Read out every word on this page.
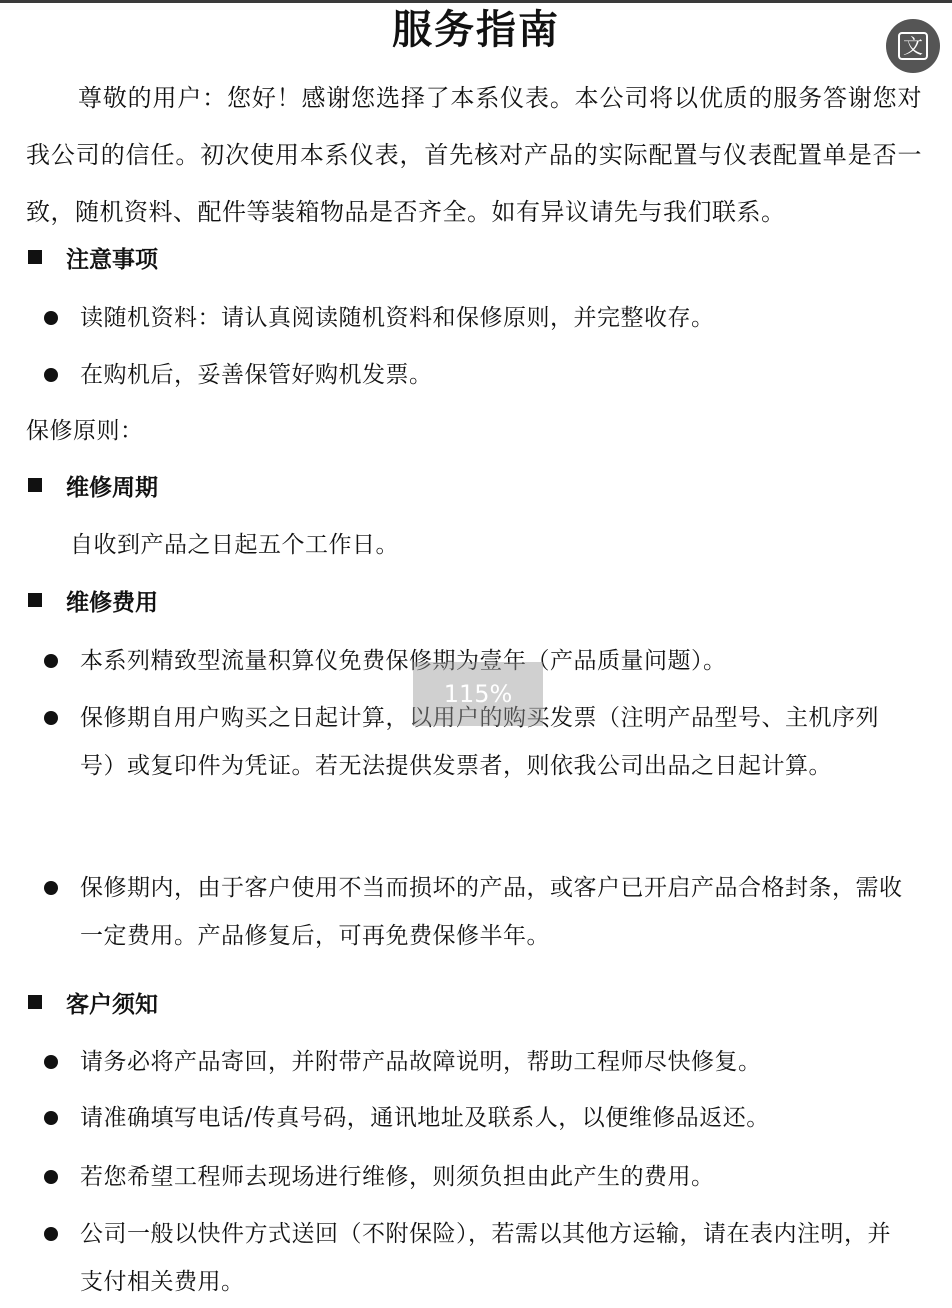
服务指南	文
尊敬的用户：您好！感谢您选择了本系仪表。本公司将以优质的服务答谢您对我公司的信任。初次使用本系仪表，首先核对产品的实际配置与仪表配置单是否一致，随机资料、配件等装箱物品是否齐全。如有异议请先与我们联系。
注意事项
读随机资料：请认真阅读随机资料和保修原则，并完整收存。
在购机后，妥善保管好购机发票。
保修原则：
维修周期
自收到产品之日起五个工作日。
维修费用
本系列精致型流量积算仪免费保修期为壹年（产品质量问题）。
保修期自用户购买之日起计算，以用户的购买发票（注明产品型号、主机序列号）或复印件为凭证。若无法提供发票者，则依我公司出品之日起计算。
保修期内，由于客户使用不当而损坏的产品，或客户已开启产品合格封条，需收一定费用。产品修复后，可再免费保修半年。
客户须知
请务必将产品寄回，并附带产品故障说明，帮助工程师尽快修复。
请准确填写电话/传真号码，通讯地址及联系人，以便维修品返还。
若您希望工程师去现场进行维修，则须负担由此产生的费用。
公司一般以快件方式送回（不附保险），若需以其他方运输，请在表内注明，并支付相关费用。
115%
